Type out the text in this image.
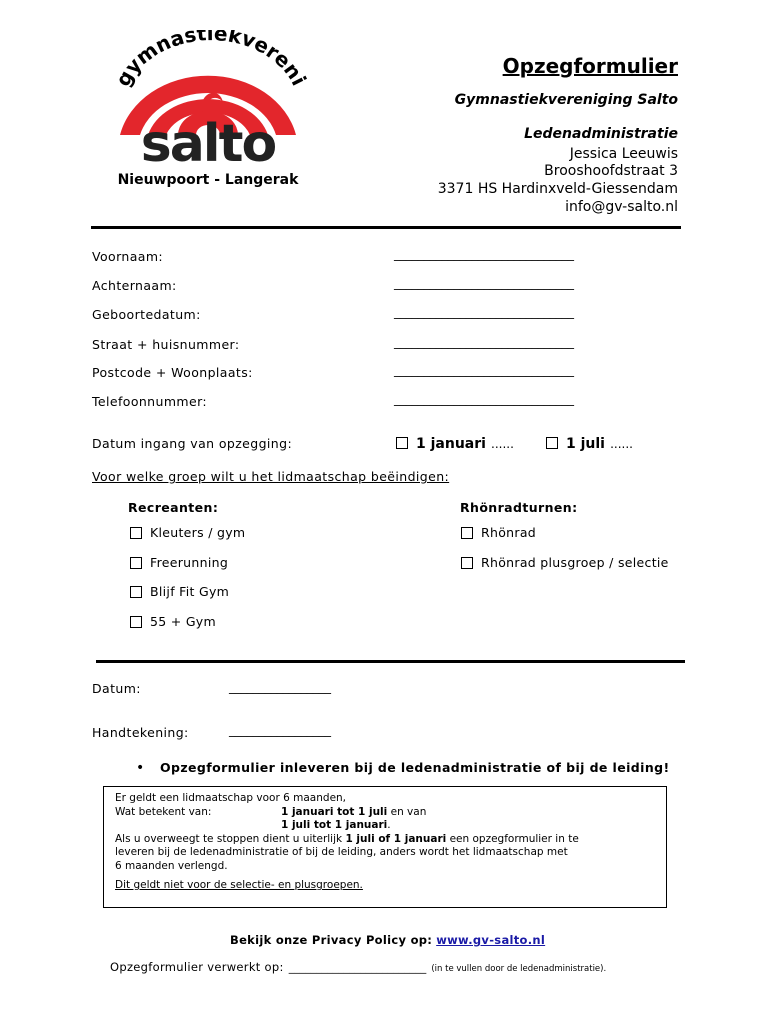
gymnastiekveren
salto
Nieuwpoort - Langerak
Opzegformulier
Gymnastiekvereniging Salto
Ledenadministratie
Jessica Leeuwis
Brooshoofdstraat 3
3371 HS Hardinxveld-Giessendam
info@gv-salto.nl
Voornaam:	______________________________
Achternaam:	______________________________
Geboortedatum:	______________________________
Straat + huisnummer:	______________________________
Postcode + Woonplaats:	______________________________
Telefoonnummer:	______________________________
Datum ingang van opzegging:	1 januari ......	1 juli ......
Voor welke groep wilt u het lidmaatschap beëindigen:
Recreanten:	Rhönradturnen:
Kleuters / gym
Freerunning
Blijf Fit Gym
55 + Gym
Rhönrad
Rhönrad plusgroep / selectie
Datum:	_________________
Handtekening:	_________________
• Opzegformulier inleveren bij de ledenadministratie of bij de leiding!
Er geldt een lidmaatschap voor 6 maanden,
Wat betekent van:	1 januari tot 1 juli en van
1 juli tot 1 januari.
Als u overweegt te stoppen dient u uiterlijk 1 juli of 1 januari een opzegformulier in te
leveren bij de ledenadministratie of bij de leiding, anders wordt het lidmaatschap met
6 maanden verlengd.
Dit geldt niet voor de selectie- en plusgroepen.
Bekijk onze Privacy Policy op: www.gv-salto.nl
Opzegformulier verwerkt op: _________________________ (in te vullen door de ledenadministratie).
